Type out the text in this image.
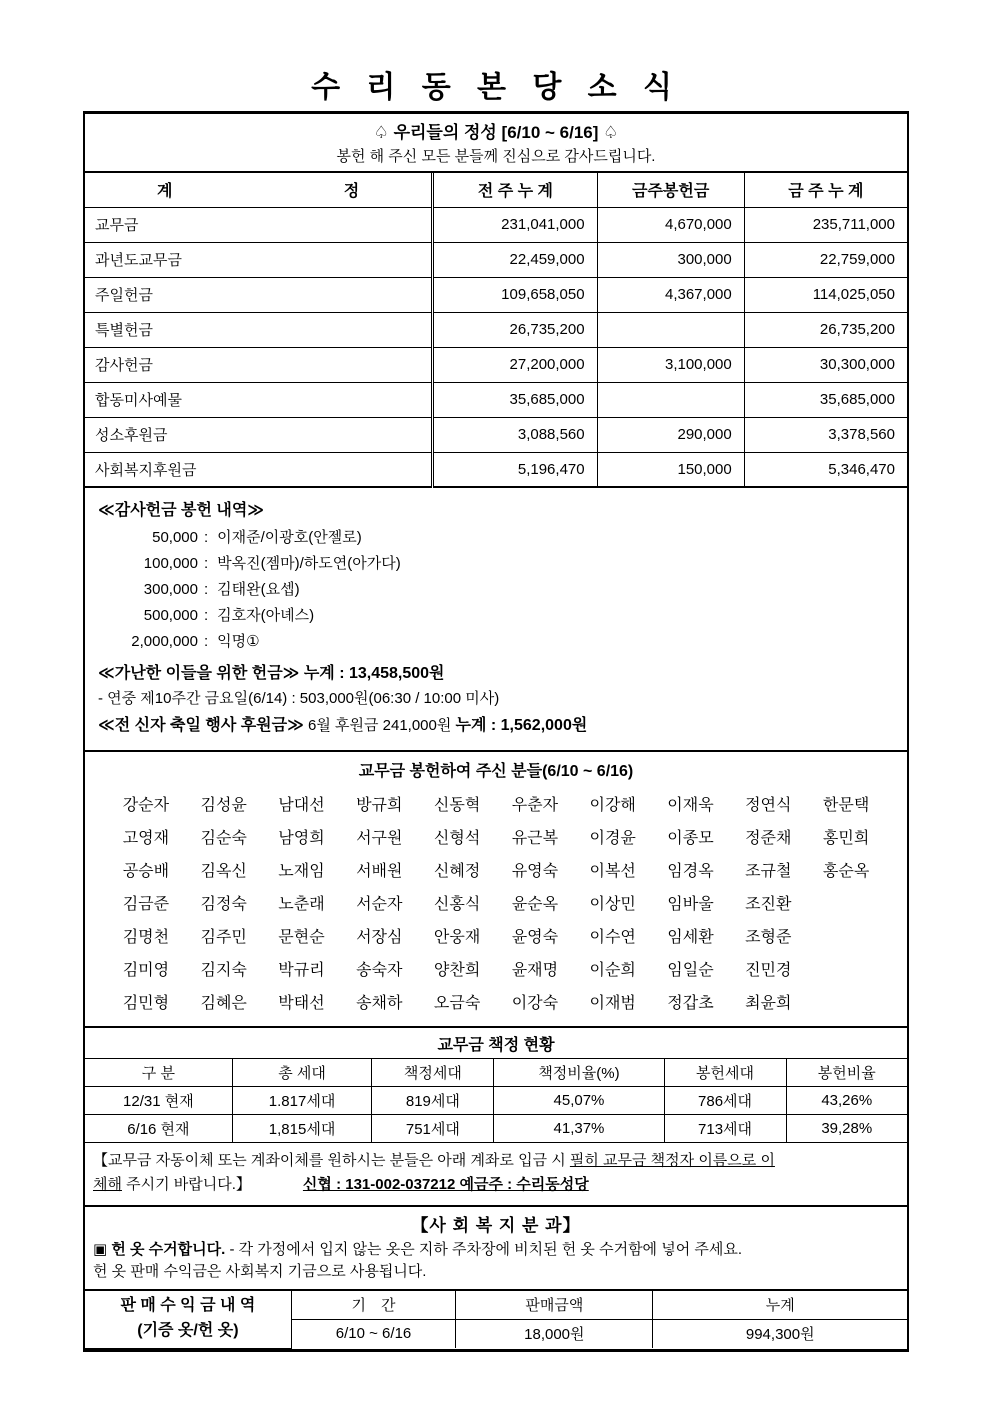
수 리 동 본 당 소 식
♤ 우리들의 정성 [6/10 ~ 6/16] ♤
봉헌 해 주신 모든 분들께 진심으로 감사드립니다.
계 정	전 주 누 계	금주봉헌금	금 주 누 계
교무금	231,041,000	4,670,000	235,711,000
과년도교무금	22,459,000	300,000	22,759,000
주일헌금	109,658,050	4,367,000	114,025,050
특별헌금	26,735,200		26,735,200
감사헌금	27,200,000	3,100,000	30,300,000
합동미사예물	35,685,000		35,685,000
성소후원금	3,088,560	290,000	3,378,560
사회복지후원금	5,196,470	150,000	5,346,470
≪감사헌금 봉헌 내역≫
50,000 : 이재준/이광호(안젤로)
100,000 : 박옥진(젬마)/하도연(아가다)
300,000 : 김태완(요셉)
500,000 : 김호자(아녜스)
2,000,000 : 익명①
≪가난한 이들을 위한 헌금≫ 누계 : 13,458,500원
- 연중 제10주간 금요일(6/14) : 503,000원(06:30 / 10:00 미사)
≪전 신자 축일 행사 후원금≫ 6월 후원금 241,000원 누계 : 1,562,000원
교무금 봉헌하여 주신 분들(6/10 ~ 6/16)
강순자	김성윤	남대선	방규희	신동혁	우춘자	이강해	이재욱	정연식	한문택
고영재	김순숙	남영희	서구원	신형석	유근복	이경윤	이종모	정준채	홍민희
공승배	김옥신	노재임	서배원	신혜정	유영숙	이복선	임경옥	조규철	홍순옥
김금준	김정숙	노춘래	서순자	신홍식	윤순옥	이상민	임바울	조진환
김명천	김주민	문현순	서장심	안웅재	윤영숙	이수연	임세환	조형준
김미영	김지숙	박규리	송숙자	양찬희	윤재명	이순희	임일순	진민경
김민형	김혜은	박태선	송채하	오금숙	이강숙	이재범	정갑초	최윤희
교무금 책정 현황
구 분	총 세대	책정세대	책정비율(%)	봉헌세대	봉헌비율
12/31 현재	1.817세대	819세대	45,07%	786세대	43,26%
6/16 현재	1,815세대	751세대	41,37%	713세대	39,28%
【교무금 자동이체 또는 계좌이체를 원하시는 분들은 아래 계좌로 입금 시 필히 교무금 책정자 이름으로 이
체해 주시기 바랍니다.】	신협 : 131-002-037212 예금주 : 수리동성당
【사 회 복 지 분 과】
▣ 헌 옷 수거합니다. - 각 가정에서 입지 않는 옷은 지하 주차장에 비치된 헌 옷 수거함에 넣어 주세요.
헌 옷 판매 수익금은 사회복지 기금으로 사용됩니다.
판 매 수 익 금 내 역
(기증 옷/헌 옷)	기　간	판매금액	누계
	6/10 ~ 6/16	18,000원	994,300원
